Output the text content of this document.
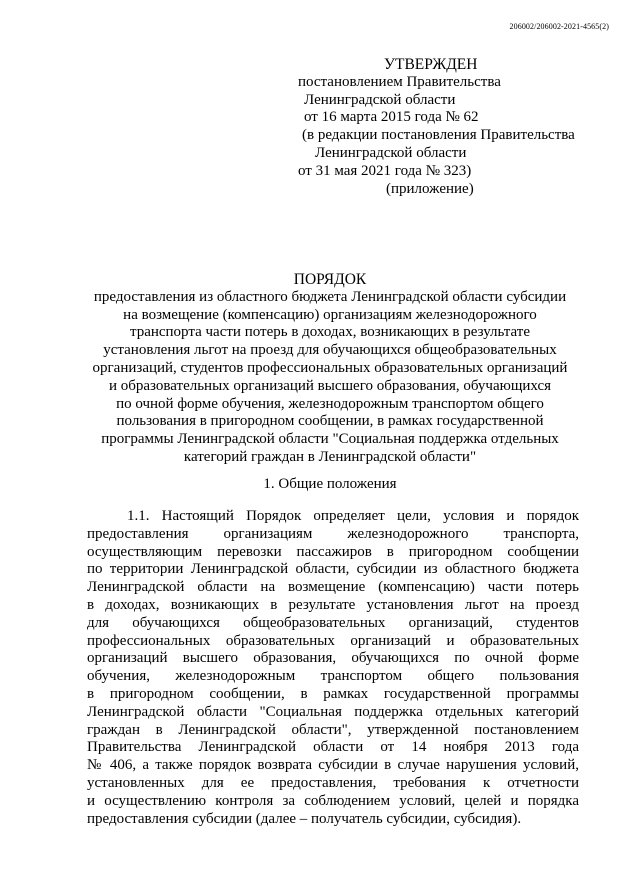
206002/206002-2021-4565(2)
УТВЕРЖДЕН
постановлением Правительства
Ленинградской области
от 16 марта 2015 года № 62
(в редакции постановления Правительства
Ленинградской области
от 31 мая 2021 года № 323)
(приложение)
ПОРЯДОК
предоставления из областного бюджета Ленинградской области субсидии
на возмещение (компенсацию) организациям железнодорожного
транспорта части потерь в доходах, возникающих в результате
установления льгот на проезд для обучающихся общеобразовательных
организаций, студентов профессиональных образовательных организаций
и образовательных организаций высшего образования, обучающихся
по очной форме обучения, железнодорожным транспортом общего
пользования в пригородном сообщении, в рамках государственной
программы Ленинградской области "Социальная поддержка отдельных
категорий граждан в Ленинградской области"
1. Общие положения
1.1. Настоящий Порядок определяет цели, условия и порядок
предоставления организациям железнодорожного транспорта,
осуществляющим перевозки пассажиров в пригородном сообщении
по территории Ленинградской области, субсидии из областного бюджета
Ленинградской области на возмещение (компенсацию) части потерь
в доходах, возникающих в результате установления льгот на проезд
для обучающихся общеобразовательных организаций, студентов
профессиональных образовательных организаций и образовательных
организаций высшего образования, обучающихся по очной форме
обучения, железнодорожным транспортом общего пользования
в пригородном сообщении, в рамках государственной программы
Ленинградской области "Социальная поддержка отдельных категорий
граждан в Ленинградской области", утвержденной постановлением
Правительства Ленинградской области от 14 ноября 2013 года
№ 406, а также порядок возврата субсидии в случае нарушения условий,
установленных для ее предоставления, требования к отчетности
и осуществлению контроля за соблюдением условий, целей и порядка
предоставления субсидии (далее – получатель субсидии, субсидия).
